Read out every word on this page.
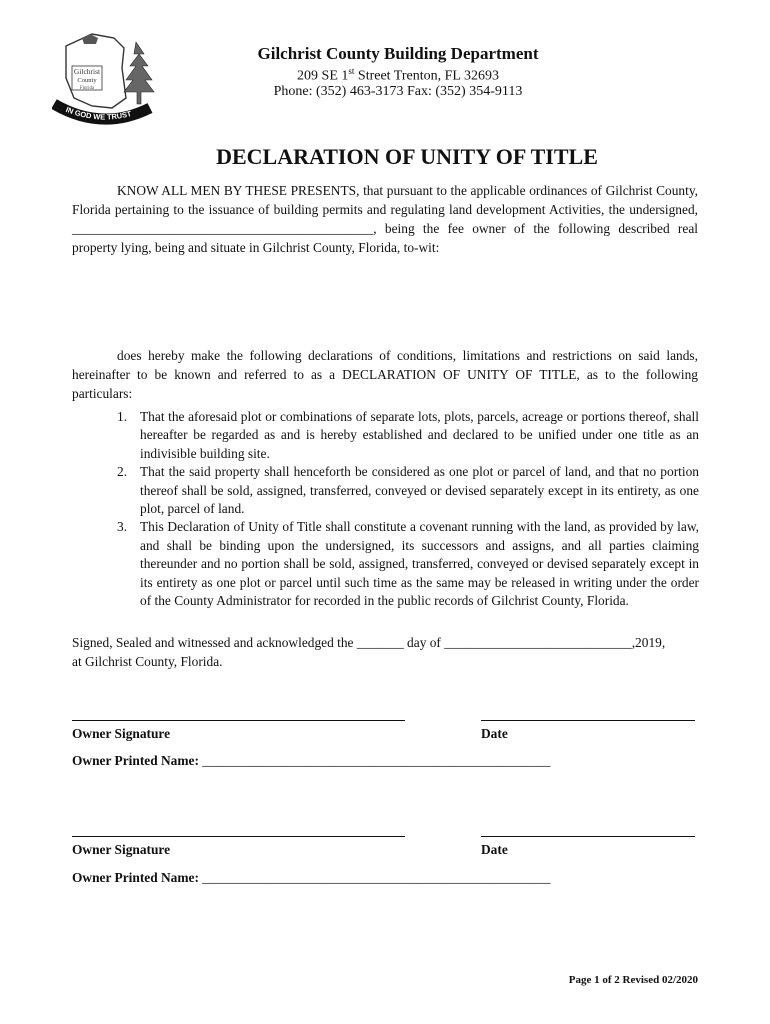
Gilchrist
County
Florida
IN GOD WE TRUST
Gilchrist County Building Department
209 SE 1st Street Trenton, FL 32693
Phone: (352) 463-3173 Fax: (352) 354-9113
DECLARATION OF UNITY OF TITLE
KNOW ALL MEN BY THESE PRESENTS, that pursuant to the applicable ordinances of Gilchrist County, Florida pertaining to the issuance of building permits and regulating land development Activities, the undersigned, _____________________________________________, being the fee owner of the following described real property lying, being and situate in Gilchrist County, Florida, to-wit:
does hereby make the following declarations of conditions, limitations and restrictions on said lands, hereinafter to be known and referred to as a DECLARATION OF UNITY OF TITLE, as to the following particulars:
1. That the aforesaid plot or combinations of separate lots, plots, parcels, acreage or portions thereof, shall hereafter be regarded as and is hereby established and declared to be unified under one title as an indivisible building site.
2. That the said property shall henceforth be considered as one plot or parcel of land, and that no portion thereof shall be sold, assigned, transferred, conveyed or devised separately except in its entirety, as one plot, parcel of land.
3. This Declaration of Unity of Title shall constitute a covenant running with the land, as provided by law, and shall be binding upon the undersigned, its successors and assigns, and all parties claiming thereunder and no portion shall be sold, assigned, transferred, conveyed or devised separately except in its entirety as one plot or parcel until such time as the same may be released in writing under the order of the County Administrator for recorded in the public records of Gilchrist County, Florida.
Signed, Sealed and witnessed and acknowledged the _______ day of ____________________________,2019,
at Gilchrist County, Florida.
Owner Signature	Date
Owner Printed Name: ____________________________________________________
Owner Signature	Date
Owner Printed Name: ____________________________________________________
Page 1 of 2 Revised 02/2020
